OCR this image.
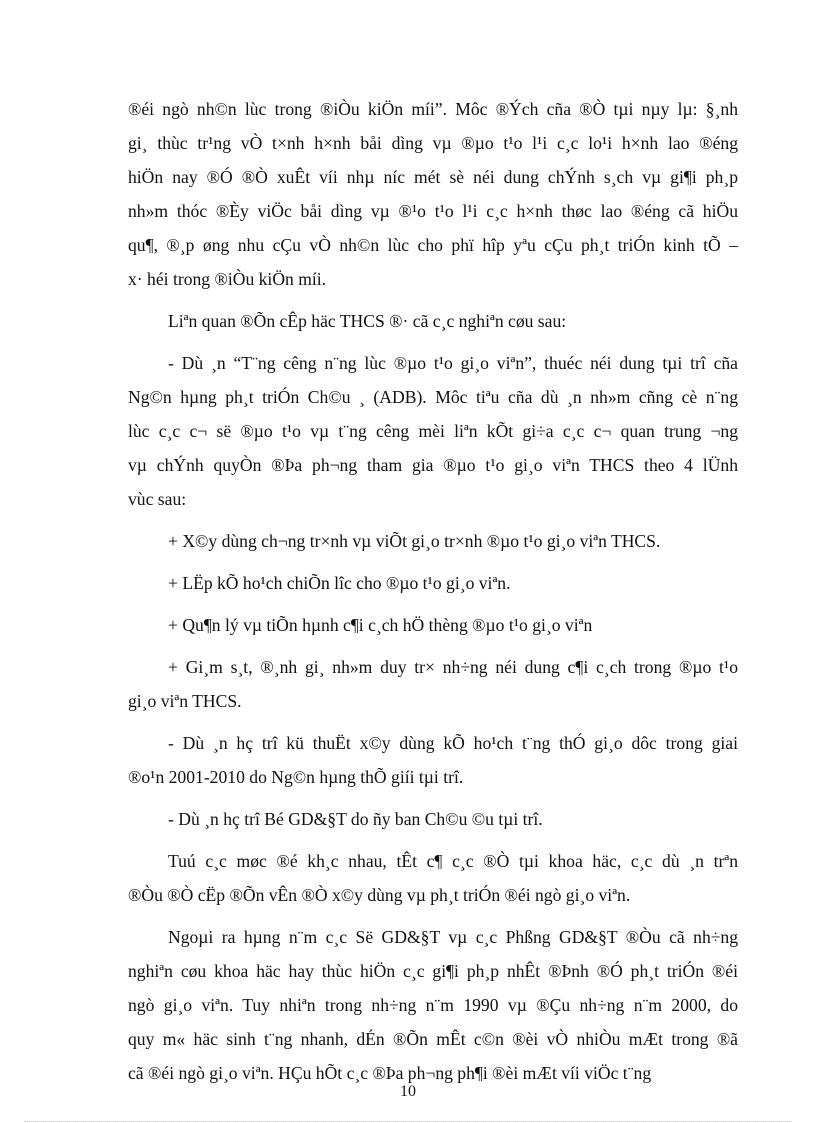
®éi ngò nh©n lùc trong ®iÒu kiÖn míi”. Môc ®Ých cña ®Ò tµi nµy lµ: §¸nh
gi¸ thùc tr¹ng vÒ t×nh h×nh båi dìng vµ ®µo t¹o l¹i c¸c lo¹i h×nh lao ®éng
hiÖn nay ®Ó ®Ò xuÊt víi nhµ níc mét sè néi dung chÝnh s¸ch vµ gi¶i ph¸p
nh»m thóc ®Èy viÖc båi dìng vµ ®¹o t¹o l¹i c¸c h×nh thøc lao ®éng cã hiÖu
qu¶, ®¸p øng nhu cÇu vÒ nh©n lùc cho phï hîp yªu cÇu ph¸t triÓn kinh tÕ –
x· héi trong ®iÒu kiÖn míi.
Liªn quan ®Õn cÊp häc THCS ®· cã c¸c nghiªn cøu sau:
- Dù ¸n “T¨ng cêng n¨ng lùc ®µo t¹o gi¸o viªn”, thuéc néi dung tµi trî cña
Ng©n hµng ph¸t triÓn Ch©u ¸ (ADB). Môc tiªu cña dù ¸n nh»m cñng cè n¨ng
lùc c¸c c¬ së ®µo t¹o vµ t¨ng cêng mèi liªn kÕt gi÷a c¸c c¬ quan trung ¬ng
vµ chÝnh quyÒn ®Þa ph¬ng tham gia ®µo t¹o gi¸o viªn THCS theo 4 lÜnh
vùc sau:
+ X©y dùng ch¬ng tr×nh vµ viÕt gi¸o tr×nh ®µo t¹o gi¸o viªn THCS.
+ LËp kÕ ho¹ch chiÕn lîc cho ®µo t¹o gi¸o viªn.
+ Qu¶n lý vµ tiÕn hµnh c¶i c¸ch hÖ thèng ®µo t¹o gi¸o viªn
+ Gi¸m s¸t, ®¸nh gi¸ nh»m duy tr× nh÷ng néi dung c¶i c¸ch trong ®µo t¹o
gi¸o viªn THCS.
- Dù ¸n hç trî kü thuËt x©y dùng kÕ ho¹ch t¨ng thÓ gi¸o dôc trong giai
®o¹n 2001-2010 do Ng©n hµng thÕ giíi tµi trî.
- Dù ¸n hç trî Bé GD&§T do ñy ban Ch©u ©u tµi trî.
Tuú c¸c møc ®é kh¸c nhau, tÊt c¶ c¸c ®Ò tµi khoa häc, c¸c dù ¸n trªn
®Òu ®Ò cËp ®Õn vÊn ®Ò x©y dùng vµ ph¸t triÓn ®éi ngò gi¸o viªn.
Ngoµi ra hµng n¨m c¸c Së GD&§T vµ c¸c Phßng GD&§T ®Òu cã nh÷ng
nghiªn cøu khoa häc hay thùc hiÖn c¸c gi¶i ph¸p nhÊt ®Þnh ®Ó ph¸t triÓn ®éi
ngò gi¸o viªn. Tuy nhiªn trong nh÷ng n¨m 1990 vµ ®Çu nh÷ng n¨m 2000, do
quy m« häc sinh t¨ng nhanh, dÉn ®Õn mÊt c©n ®èi vÒ nhiÒu mÆt trong ®ã
cã ®éi ngò gi¸o viªn. HÇu hÕt c¸c ®Þa ph¬ng ph¶i ®èi mÆt víi viÖc t¨ng
10
